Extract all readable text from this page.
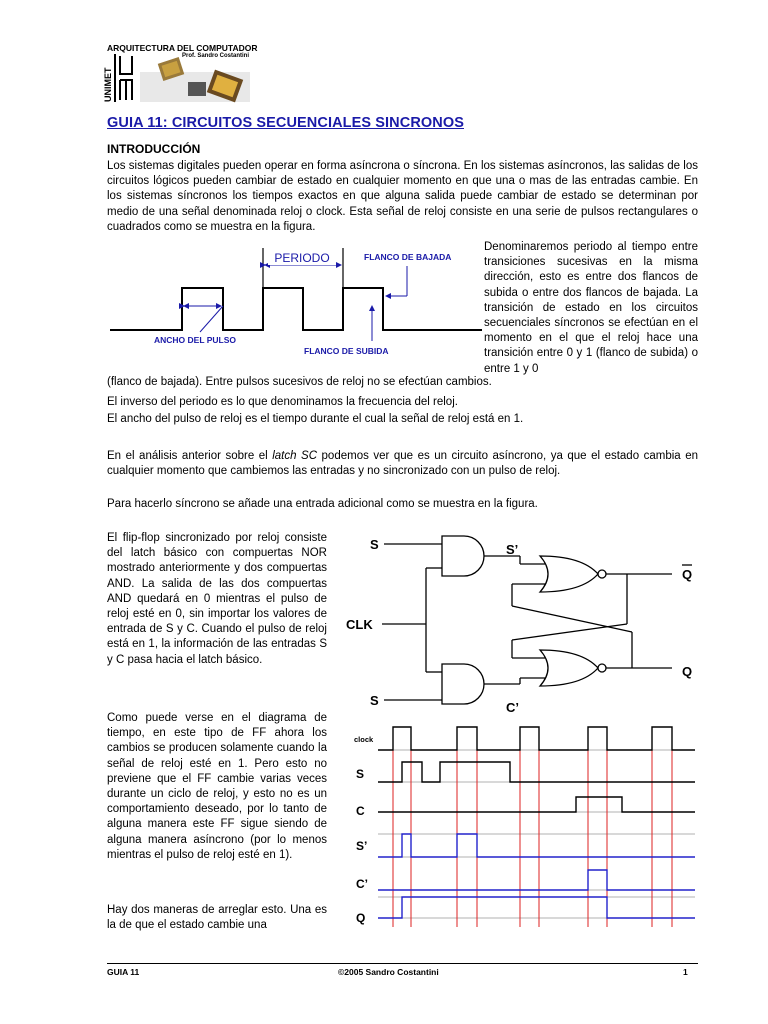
ARQUITECTURA DEL COMPUTADOR
Prof. Sandro Costantini
UNIMET
GUIA 11: CIRCUITOS SECUENCIALES SINCRONOS
INTRODUCCIÓN
Los sistemas digitales pueden operar en forma asíncrona o síncrona. En los sistemas asíncronos, las salidas de los circuitos lógicos pueden cambiar de estado en cualquier momento en que una o mas de las entradas cambie. En los sistemas síncronos los tiempos exactos en que alguna salida puede cambiar de estado se determinan por medio de una señal denominada reloj o clock. Esta señal de reloj consiste en una serie de pulsos rectangulares o cuadrados como se muestra en la figura.
PERIODO
ANCHO DEL PULSO
FLANCO DE BAJADA
FLANCO DE SUBIDA
Denominaremos periodo al tiempo entre transiciones sucesivas en la misma dirección, esto es entre dos flancos de subida o entre dos flancos de bajada. La transición de estado en los circuitos secuenciales síncronos se efectúan en el momento en el que el reloj hace una transición entre 0 y 1 (flanco de subida) o entre 1 y 0
(flanco de bajada). Entre pulsos sucesivos de reloj no se efectúan cambios.
El inverso del periodo es lo que denominamos la frecuencia del reloj.
El ancho del pulso de reloj es el tiempo durante el cual la señal de reloj está en 1.
En el análisis anterior sobre el latch SC podemos ver que es un circuito asíncrono, ya que el estado cambia en cualquier momento que cambiemos las entradas y no sincronizado con un pulso de reloj.
Para hacerlo síncrono se añade una entrada adicional como se muestra en la figura.
S
CLK
S
S’
C’
Q
Q
clock
S
C
S’
C’
Q
El flip-flop sincronizado por reloj consiste del latch básico con compuertas NOR mostrado anteriormente y dos compuertas AND. La salida de las dos compuertas AND quedará en 0 mientras el pulso de reloj esté en 0, sin importar los valores de entrada de S y C. Cuando el pulso de reloj está en 1, la información de las entradas S y C pasa hacia el latch básico.
Como puede verse en el diagrama de tiempo, en este tipo de FF ahora los cambios se producen solamente cuando la señal de reloj esté en 1. Pero esto no previene que el FF cambie varias veces durante un ciclo de reloj, y esto no es un comportamiento deseado, por lo tanto de alguna manera este FF sigue siendo de alguna manera asíncrono (por lo menos mientras el pulso de reloj esté en 1).
Hay dos maneras de arreglar esto. Una es la de que el estado cambie una
GUIA 11	©2005 Sandro Costantini	1
